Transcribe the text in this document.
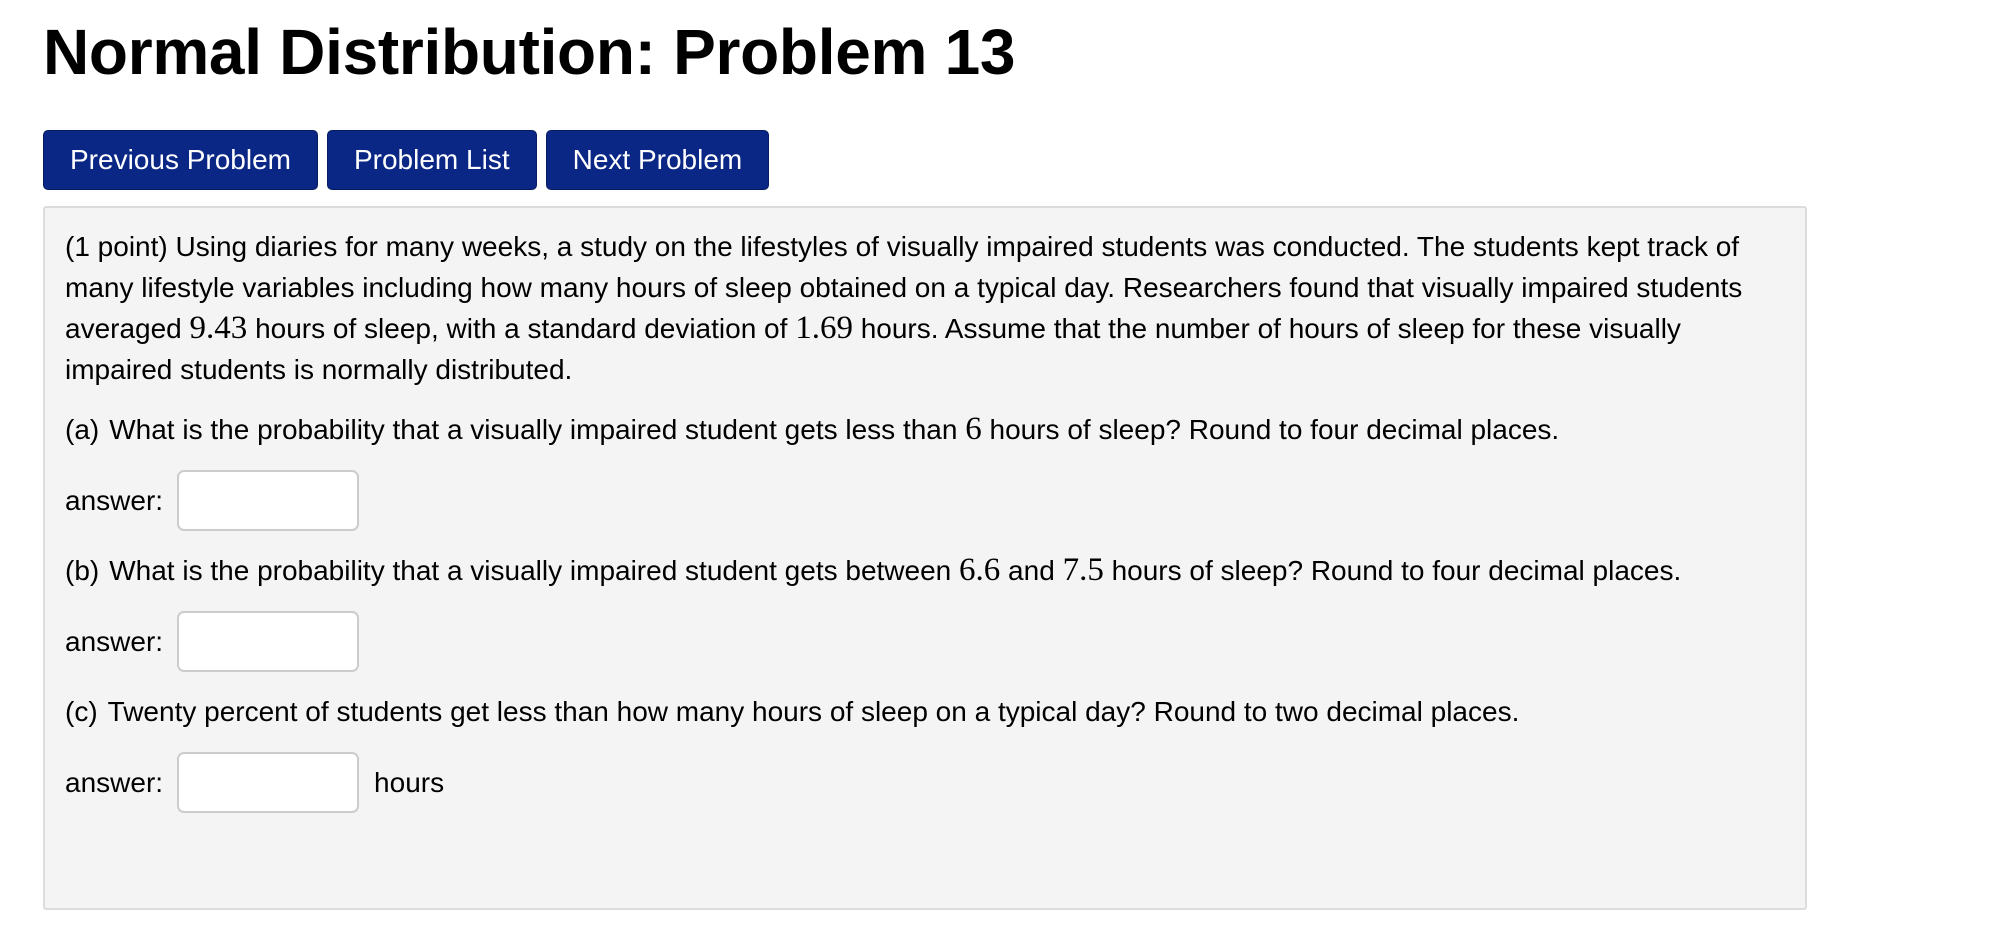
Normal Distribution: Problem 13
Previous Problem	Problem List	Next Problem

(1 point) Using diaries for many weeks, a study on the lifestyles of visually impaired students was conducted. The students kept track of many lifestyle variables including how many hours of sleep obtained on a typical day. Researchers found that visually impaired students averaged 9.43 hours of sleep, with a standard deviation of 1.69 hours. Assume that the number of hours of sleep for these visually impaired students is normally distributed.

(a) What is the probability that a visually impaired student gets less than 6 hours of sleep? Round to four decimal places.

answer:

(b) What is the probability that a visually impaired student gets between 6.6 and 7.5 hours of sleep? Round to four decimal places.

answer:

(c) Twenty percent of students get less than how many hours of sleep on a typical day? Round to two decimal places.

answer:	hours
